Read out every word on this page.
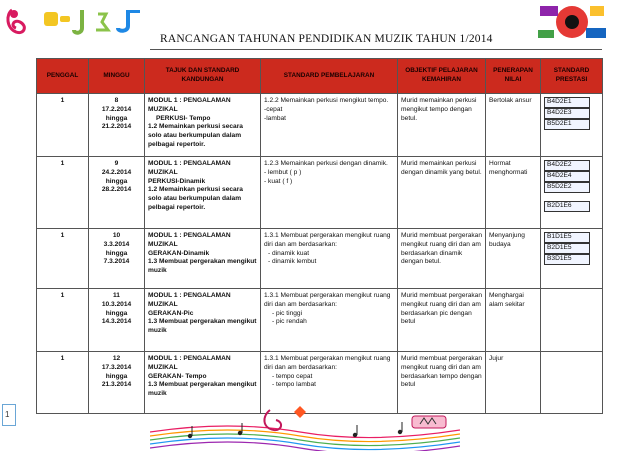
RANCANGAN TAHUNAN PENDIDIKAN MUZIK TAHUN 1/2014
PENGGAL	MINGGU	TAJUK DAN STANDARD KANDUNGAN	STANDARD PEMBELAJARAN	OBJEKTIF PELAJARAN KEMAHIRAN	PENERAPAN NILAI	STANDARD PRESTASI
1	8
17.2.2014
hingga
21.2.2014	MODUL 1 : PENGALAMAN MUZIKAL
PERKUSI- Tempo
1.2 Memainkan perkusi secara solo atau berkumpulan dalam pelbagai repertoir.	1.2.2 Memainkan perkusi mengikut tempo.
-cepat
-lambat	Murid memainkan perkusi mengikut tempo dengan betul.	Bertolak ansur	B4D2E1
B4D2E3
B5D2E1

1	9
24.2.2014
hingga
28.2.2014	MODUL 1 : PENGALAMAN MUZIKAL
PERKUSI-Dinamik
1.2 Memainkan perkusi secara solo atau berkumpulan dalam pelbagai repertoir.	1.2.3 Memainkan perkusi dengan dinamik.
- lembut ( p )
- kuat ( f )	Murid memainkan perkusi dengan dinamik yang betul.	Hormat menghormati	B4D2E2
B4D2E4
B5D2E2
B2D1E6

1	10
3.3.2014
hingga
7.3.2014	MODUL 1 : PENGALAMAN MUZIKAL
GERAKAN-Dinamik
1.3 Membuat pergerakan mengikut muzik	1.3.1 Membuat pergerakan mengikut ruang diri dan am berdasarkan:
- dinamik kuat
- dinamik lembut	Murid membuat pergerakan mengikut ruang diri dan am berdasarkan dinamik dengan betul.	Menyanjung budaya	B1D1E5
B2D1E5
B3D1E5

1	11
10.3.2014
hingga
14.3.2014	MODUL 1 : PENGALAMAN MUZIKAL
GERAKAN-Pic
1.3 Membuat pergerakan mengikut muzik	1.3.1 Membuat pergerakan mengikut ruang diri dan am berdasarkan:
- pic tinggi
- pic rendah	Murid membuat pergerakan mengikut ruang diri dan am berdasarkan pic dengan betul	Menghargai alam sekitar	
1	12
17.3.2014
hingga
21.3.2014	MODUL 1 : PENGALAMAN MUZIKAL
GERAKAN- Tempo
1.3 Membuat pergerakan mengikut muzik	1.3.1 Membuat pergerakan mengikut ruang diri dan am berdasarkan:
- tempo cepat
- tempo lambat	Murid membuat pergerakan mengikut ruang diri dan am berdasarkan tempo dengan betul	Jujur	
1
